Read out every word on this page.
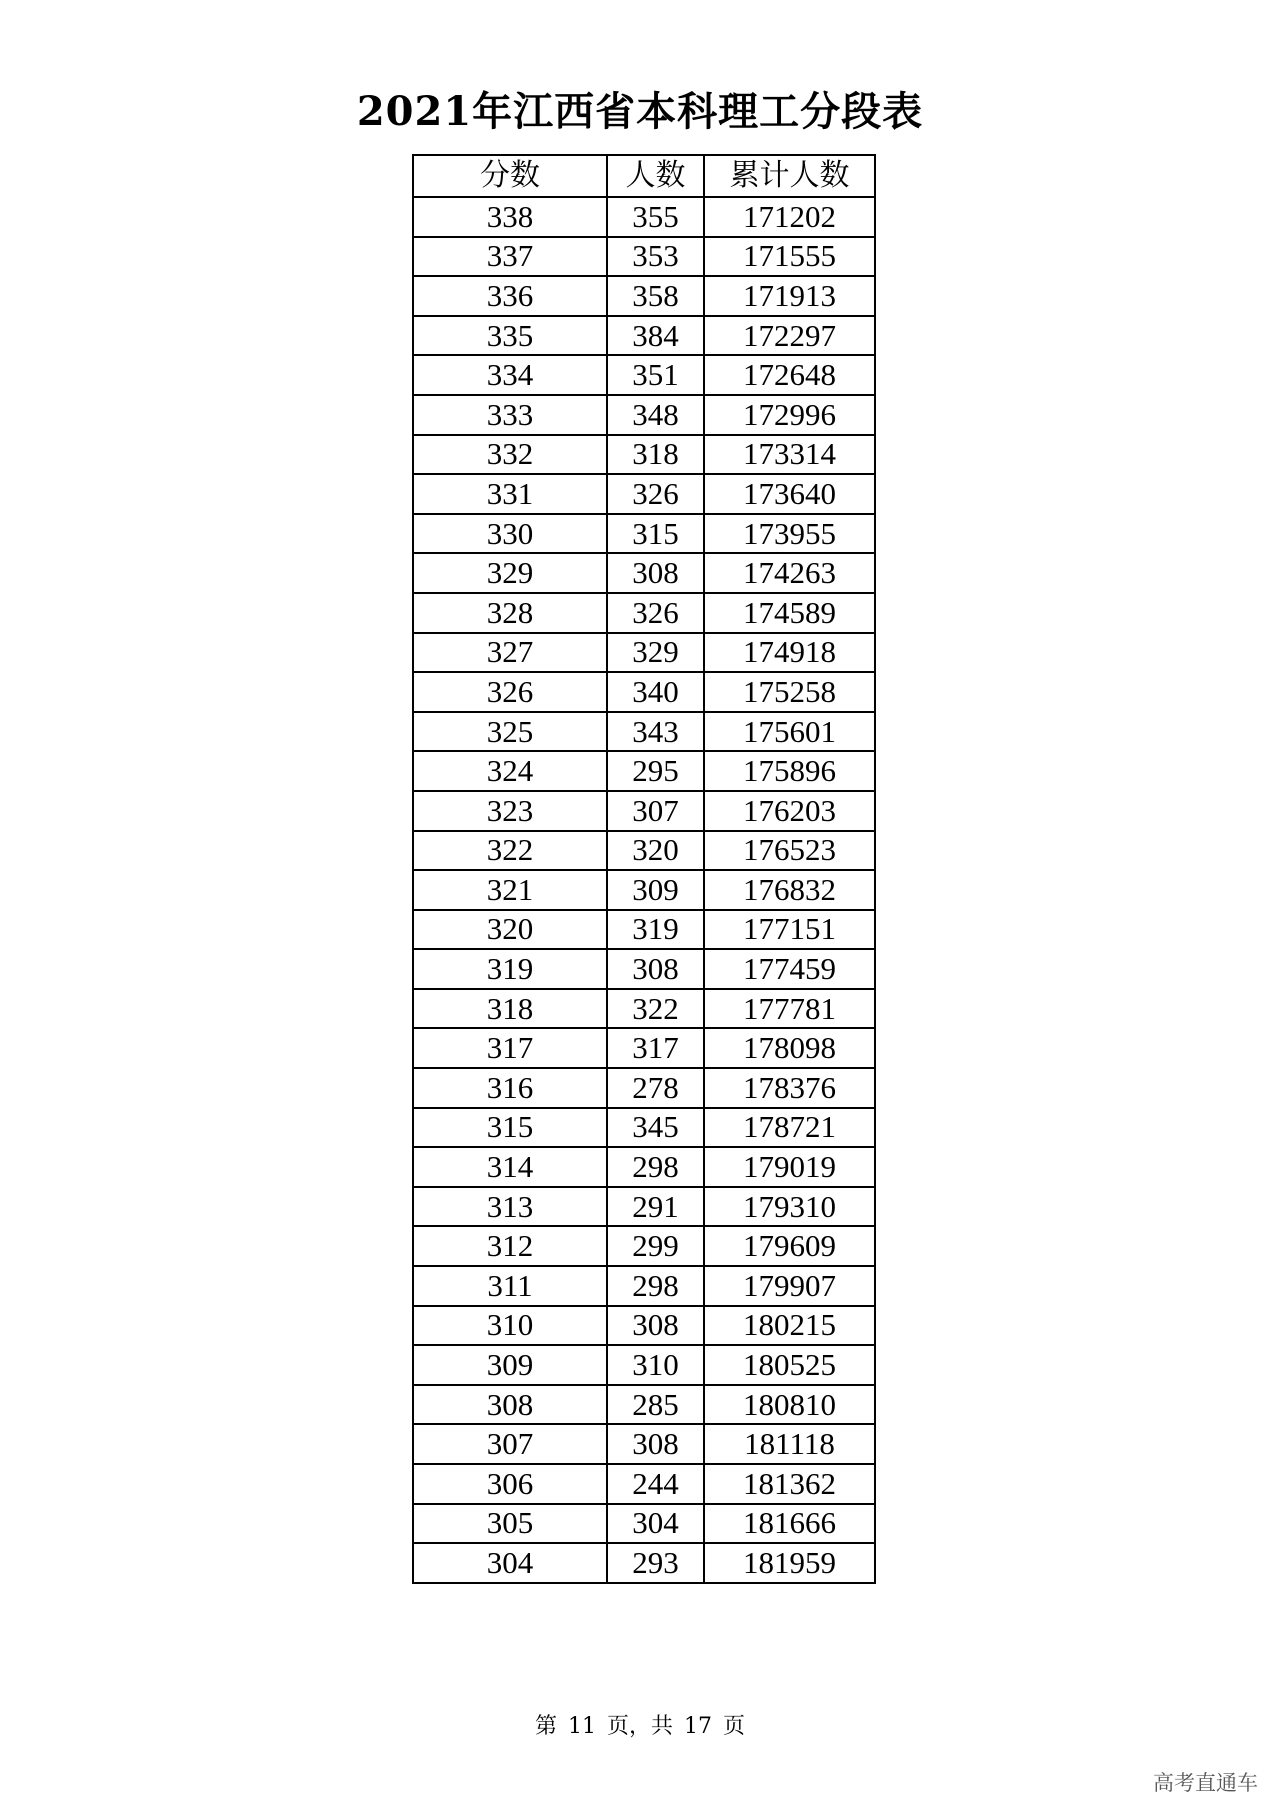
2021年江西省本科理工分段表
分数	人数	累计人数
338	355	171202
337	353	171555
336	358	171913
335	384	172297
334	351	172648
333	348	172996
332	318	173314
331	326	173640
330	315	173955
329	308	174263
328	326	174589
327	329	174918
326	340	175258
325	343	175601
324	295	175896
323	307	176203
322	320	176523
321	309	176832
320	319	177151
319	308	177459
318	322	177781
317	317	178098
316	278	178376
315	345	178721
314	298	179019
313	291	179310
312	299	179609
311	298	179907
310	308	180215
309	310	180525
308	285	180810
307	308	181118
306	244	181362
305	304	181666
304	293	181959
第 11 页，共 17 页
高考直通车
